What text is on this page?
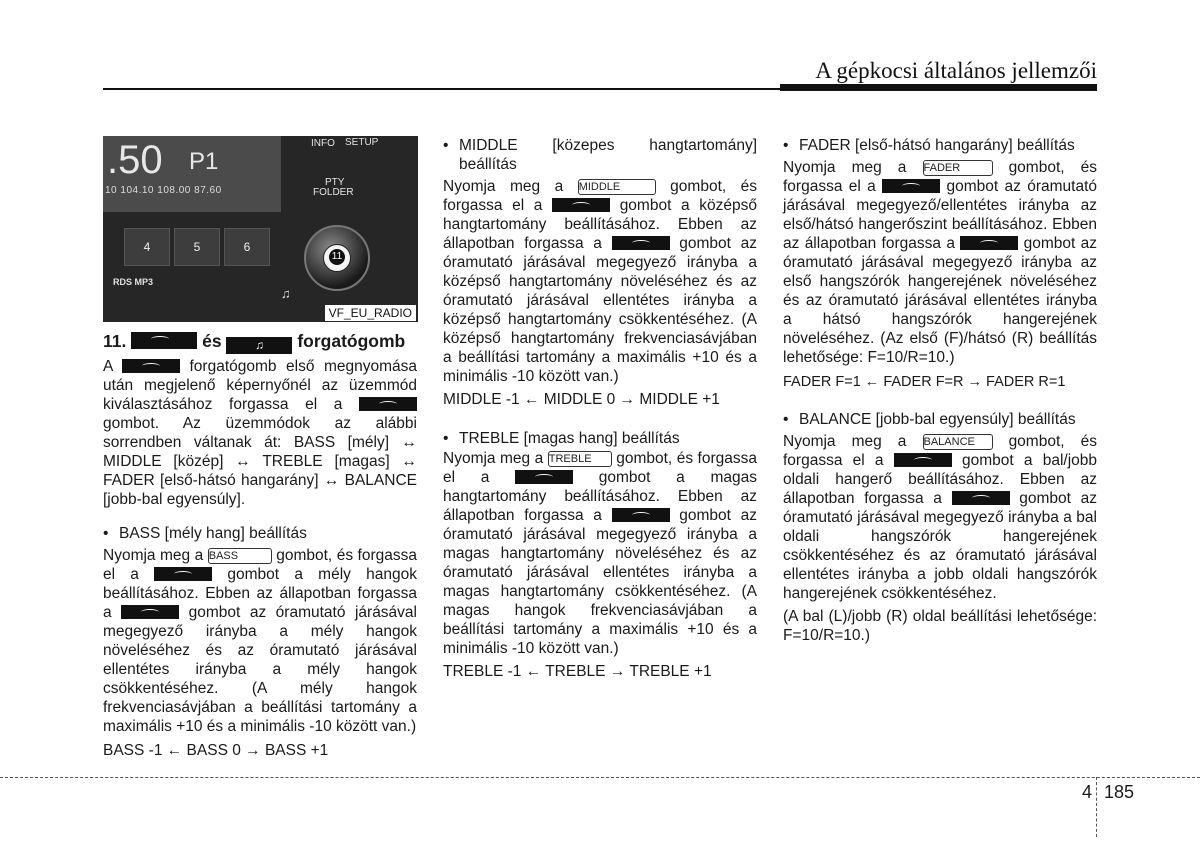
A gépkocsi általános jellemzői
.50 P1
10 104.10 108.00 87.60
INFO SETUP
PTY
FOLDER
4	5	6
RDS MP3
11
♫
VF_EU_RADIO

11.	és	♫ forgatógomb

A	forgatógomb első megnyomása után megjelenő képernyőnél az üzemmód kiválasztásához forgassa el a  gombot. Az üzemmódok az alábbi sorrendben váltanak át: BASS [mély] ↔ MIDDLE [közép] ↔ TREBLE [magas] ↔ FADER [első-hátsó hangarány] ↔ BALANCE [jobb-bal egyensúly].

• BASS [mély hang] beállítás

Nyomja meg a BASS gombot, és forgassa el a	gombot a mély hangok beállításához. Ebben az állapotban forgassa a	gombot az óramutató járásával megegyező irányba a mély hangok növeléséhez és az óramutató járásával ellentétes irányba a mély hangok csökkentéséhez. (A mély hangok frekvenciasávjában a beállítási tartomány a maximális +10 és a minimális -10 között van.)

BASS -1 ← BASS 0 → BASS +1

• MIDDLE [közepes hangtartomány] beállítás

Nyomja meg a MIDDLE	gombot, és forgassa el a	gombot a középső hangtartomány beállításához. Ebben az állapotban forgassa a	gombot az óramutató járásával megegyező irányba a középső hangtartomány növeléséhez és az óramutató járásával ellentétes irányba a középső hangtartomány csökkentéséhez. (A középső hangtartomány frekvenciasávjában a beállítási tartomány a maximális +10 és a minimális -10 között van.)

MIDDLE -1 ← MIDDLE 0 → MIDDLE +1

• TREBLE [magas hang] beállítás

Nyomja meg a TREBLE gombot, és forgassa el a	gombot a magas hangtartomány beállításához. Ebben az állapotban forgassa a	gombot az óramutató járásával megegyező irányba a magas hangtartomány növeléséhez és az óramutató járásával ellentétes irányba a magas hangtartomány csökkentéséhez. (A magas hangok frekvenciasávjában a beállítási tartomány a maximális +10 és a minimális -10 között van.)

TREBLE -1 ← TREBLE → TREBLE +1

• FADER [első-hátsó hangarány] beállítás

Nyomja meg a FADER	gombot, és forgassa el a	gombot az óramutató járásával megegyező/ellentétes irányba az első/hátsó hangerőszint beállításához. Ebben az állapotban forgassa a	gombot az óramutató járásával megegyező irányba az első hangszórók hangerejének növeléséhez és az óramutató járásával ellentétes irányba a hátsó hangszórók hangerejének növeléséhez. (Az első (F)/hátsó (R) beállítás lehetősége: F=10/R=10.)

FADER F=1 ← FADER F=R → FADER R=1

• BALANCE [jobb-bal egyensúly] beállítás

Nyomja meg a BALANCE gombot, és forgassa el a	gombot a bal/jobb oldali hangerő beállításához. Ebben az állapotban forgassa a	gombot az óramutató járásával megegyező irányba a bal oldali hangszórók hangerejének csökkentéséhez és az óramutató járásával ellentétes irányba a jobb oldali hangszórók hangerejének csökkentéséhez.

(A bal (L)/jobb (R) oldal beállítási lehetősége: F=10/R=10.)

4 185
